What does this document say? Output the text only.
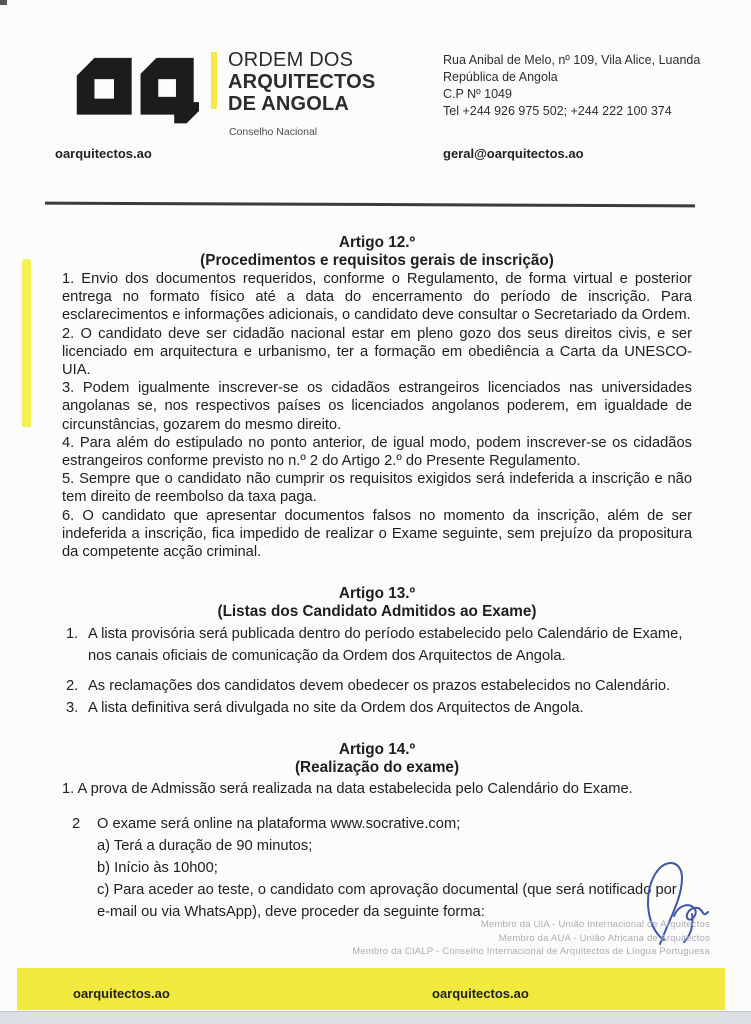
ORDEM DOS
ARQUITECTOS
DE ANGOLA
Conselho Nacional
Rua Anibal de Melo, nº 109, Vila Alice, Luanda
República de Angola
C.P Nº 1049
Tel +244 926 975 502; +244 222 100 374
oarquitectos.ao	geral@oarquitectos.ao
Artigo 12.º
(Procedimentos e requisitos gerais de inscrição)

1. Envio dos documentos requeridos, conforme o Regulamento, de forma virtual e posterior entrega no formato físico até a data do encerramento do período de inscrição. Para esclarecimentos e informações adicionais, o candidato deve consultar o Secretariado da Ordem.

2. O candidato deve ser cidadão nacional estar em pleno gozo dos seus direitos civis, e ser licenciado em arquitectura e urbanismo, ter a formação em obediência a Carta da UNESCO-UIA.

3. Podem igualmente inscrever-se os cidadãos estrangeiros licenciados nas universidades angolanas se, nos respectivos países os licenciados angolanos poderem, em igualdade de circunstâncias, gozarem do mesmo direito.

4. Para além do estipulado no ponto anterior, de igual modo, podem inscrever-se os cidadãos estrangeiros conforme previsto no n.º 2 do Artigo 2.º do Presente Regulamento.

5. Sempre que o candidato não cumprir os requisitos exigidos será indeferida a inscrição e não tem direito de reembolso da taxa paga.

6. O candidato que apresentar documentos falsos no momento da inscrição, além de ser indeferida a inscrição, fica impedido de realizar o Exame seguinte, sem prejuízo da propositura da competente acção criminal.

Artigo 13.º
(Listas dos Candidato Admitidos ao Exame)
1. A lista provisória será publicada dentro do período estabelecido pelo Calendário de Exame, nos canais oficiais de comunicação da Ordem dos Arquitectos de Angola.
2. As reclamações dos candidatos devem obedecer os prazos estabelecidos no Calendário.
3. A lista definitiva será divulgada no site da Ordem dos Arquitectos de Angola.
Artigo 14.º
(Realização do exame)

1. A prova de Admissão será realizada na data estabelecida pelo Calendário do Exame.

2	O exame será online na plataforma www.socrative.com;

a) Terá a duração de 90 minutos;

b) Início às 10h00;

c) Para aceder ao teste, o candidato com aprovação documental (que será notificado por e-mail ou via WhatsApp), deve proceder da seguinte forma:

Membro da UIA - União Internacional de Arquitectos
Membro da AUA - União Africana de Arquitectos
Membro da CIALP - Conselho Internacional de Arquitectos de Língua Portuguesa
oarquitectos.ao	oarquitectos.ao
